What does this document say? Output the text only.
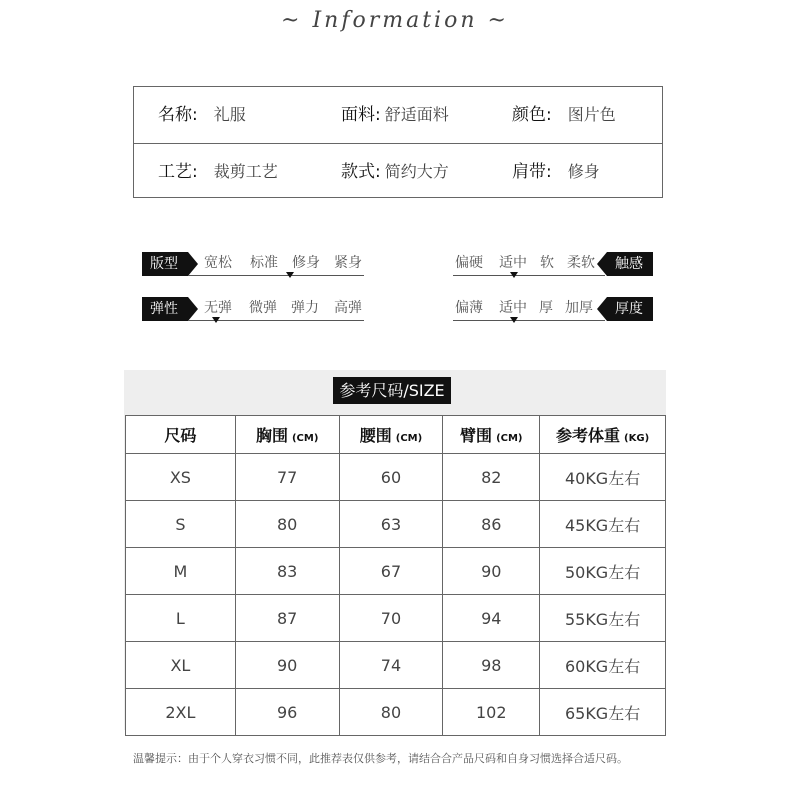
~ Information ~
名称: 礼服	面料: 舒适面料	颜色: 图片色
工艺: 裁剪工艺	款式: 简约大方	肩带: 修身
版型	宽松 标准 修身 紧身
弹性	无弹 微弹 弹力 高弹
偏硬 适中 软 柔软	触感
偏薄 适中 厚 加厚	厚度
参考尺码/SIZE
尺码	胸围 (CM)	腰围 (CM)	臂围 (CM)	参考体重 (KG)
XS	77	60	82	40KG左右
S	80	63	86	45KG左右
M	83	67	90	50KG左右
L	87	70	94	55KG左右
XL	90	74	98	60KG左右
2XL	96	80	102	65KG左右
温馨提示：由于个人穿衣习惯不同，此推荐表仅供参考，请结合合产品尺码和自身习惯选择合适尺码。
